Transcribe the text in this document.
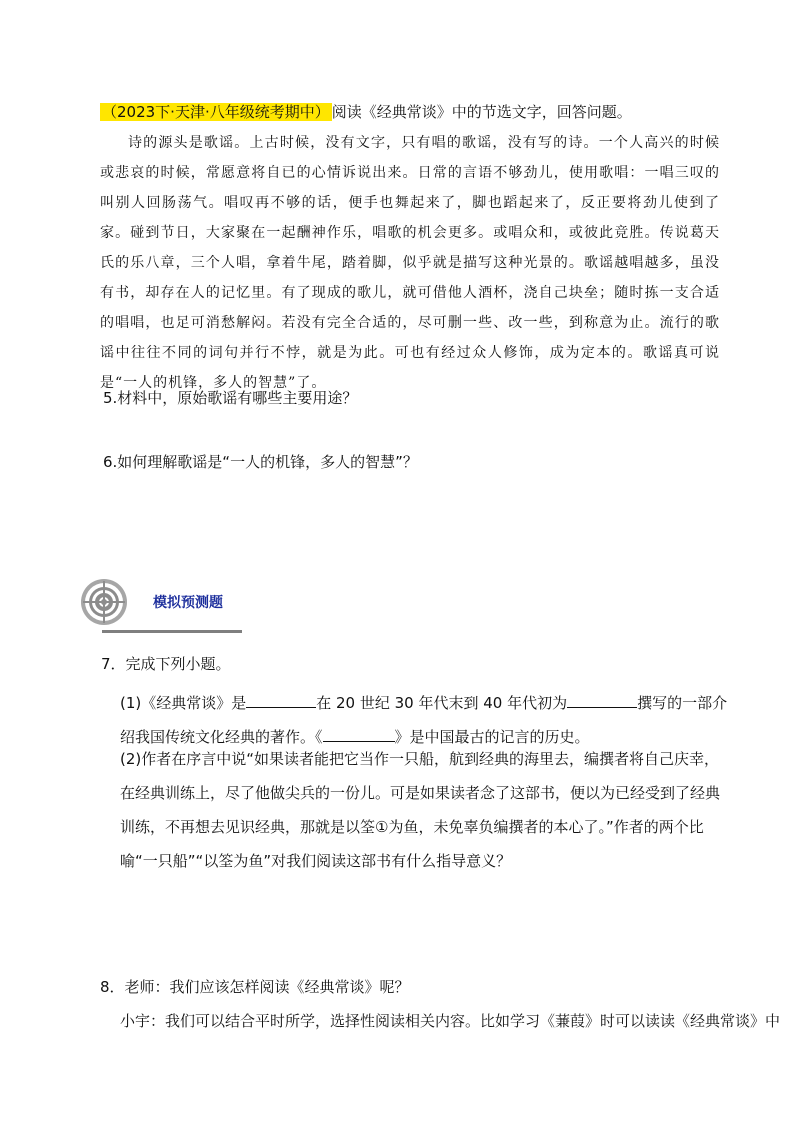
（2023下·天津·八年级统考期中） 阅读《经典常谈》中的节选文字，回答问题。

诗的源头是歌谣。上古时候，没有文字，只有唱的歌谣，没有写的诗。一个人高兴的时候或悲哀的时候，常愿意将自已的心情诉说出来。日常的言语不够劲儿，使用歌唱：一唱三叹的叫别人回肠荡气。唱叹再不够的话，便手也舞起来了，脚也蹈起来了，反正要将劲儿使到了家。碰到节日，大家聚在一起酬神作乐，唱歌的机会更多。或唱众和，或彼此竞胜。传说葛天氏的乐八章，三个人唱，拿着牛尾，踏着脚，似乎就是描写这种光景的。歌谣越唱越多，虽没有书，却存在人的记忆里。有了现成的歌儿，就可借他人酒杯，浇自己块垒；随时拣一支合适的唱唱，也足可消愁解闷。若没有完全合适的，尽可删一些、改一些，到称意为止。流行的歌谣中往往不同的词句并行不悖，就是为此。可也有经过众人修饰，成为定本的。歌谣真可说是“一人的机锋，多人的智慧”了。

5.材料中，原始歌谣有哪些主要用途？
6.如何理解歌谣是“一人的机锋，多人的智慧”？
模拟预测题
7．完成下列小题。
(1)《经典常谈》是	在 20 世纪 30 年代末到 40 年代初为	撰写的一部介绍我国传统文化经典的著作。《	》是中国最古的记言的历史。
(2)作者在序言中说“如果读者能把它当作一只船，航到经典的海里去，编撰者将自己庆幸，在经典训练上，尽了他做尖兵的一份儿。可是如果读者念了这部书，便以为已经受到了经典训练，不再想去见识经典，那就是以筌①为鱼，未免辜负编撰者的本心了。”作者的两个比喻“一只船”“以筌为鱼”对我们阅读这部书有什么指导意义？
8．老师：我们应该怎样阅读《经典常谈》呢？
小宇：我们可以结合平时所学，选择性阅读相关内容。比如学习《蒹葭》时可以读读《经典常谈》中
